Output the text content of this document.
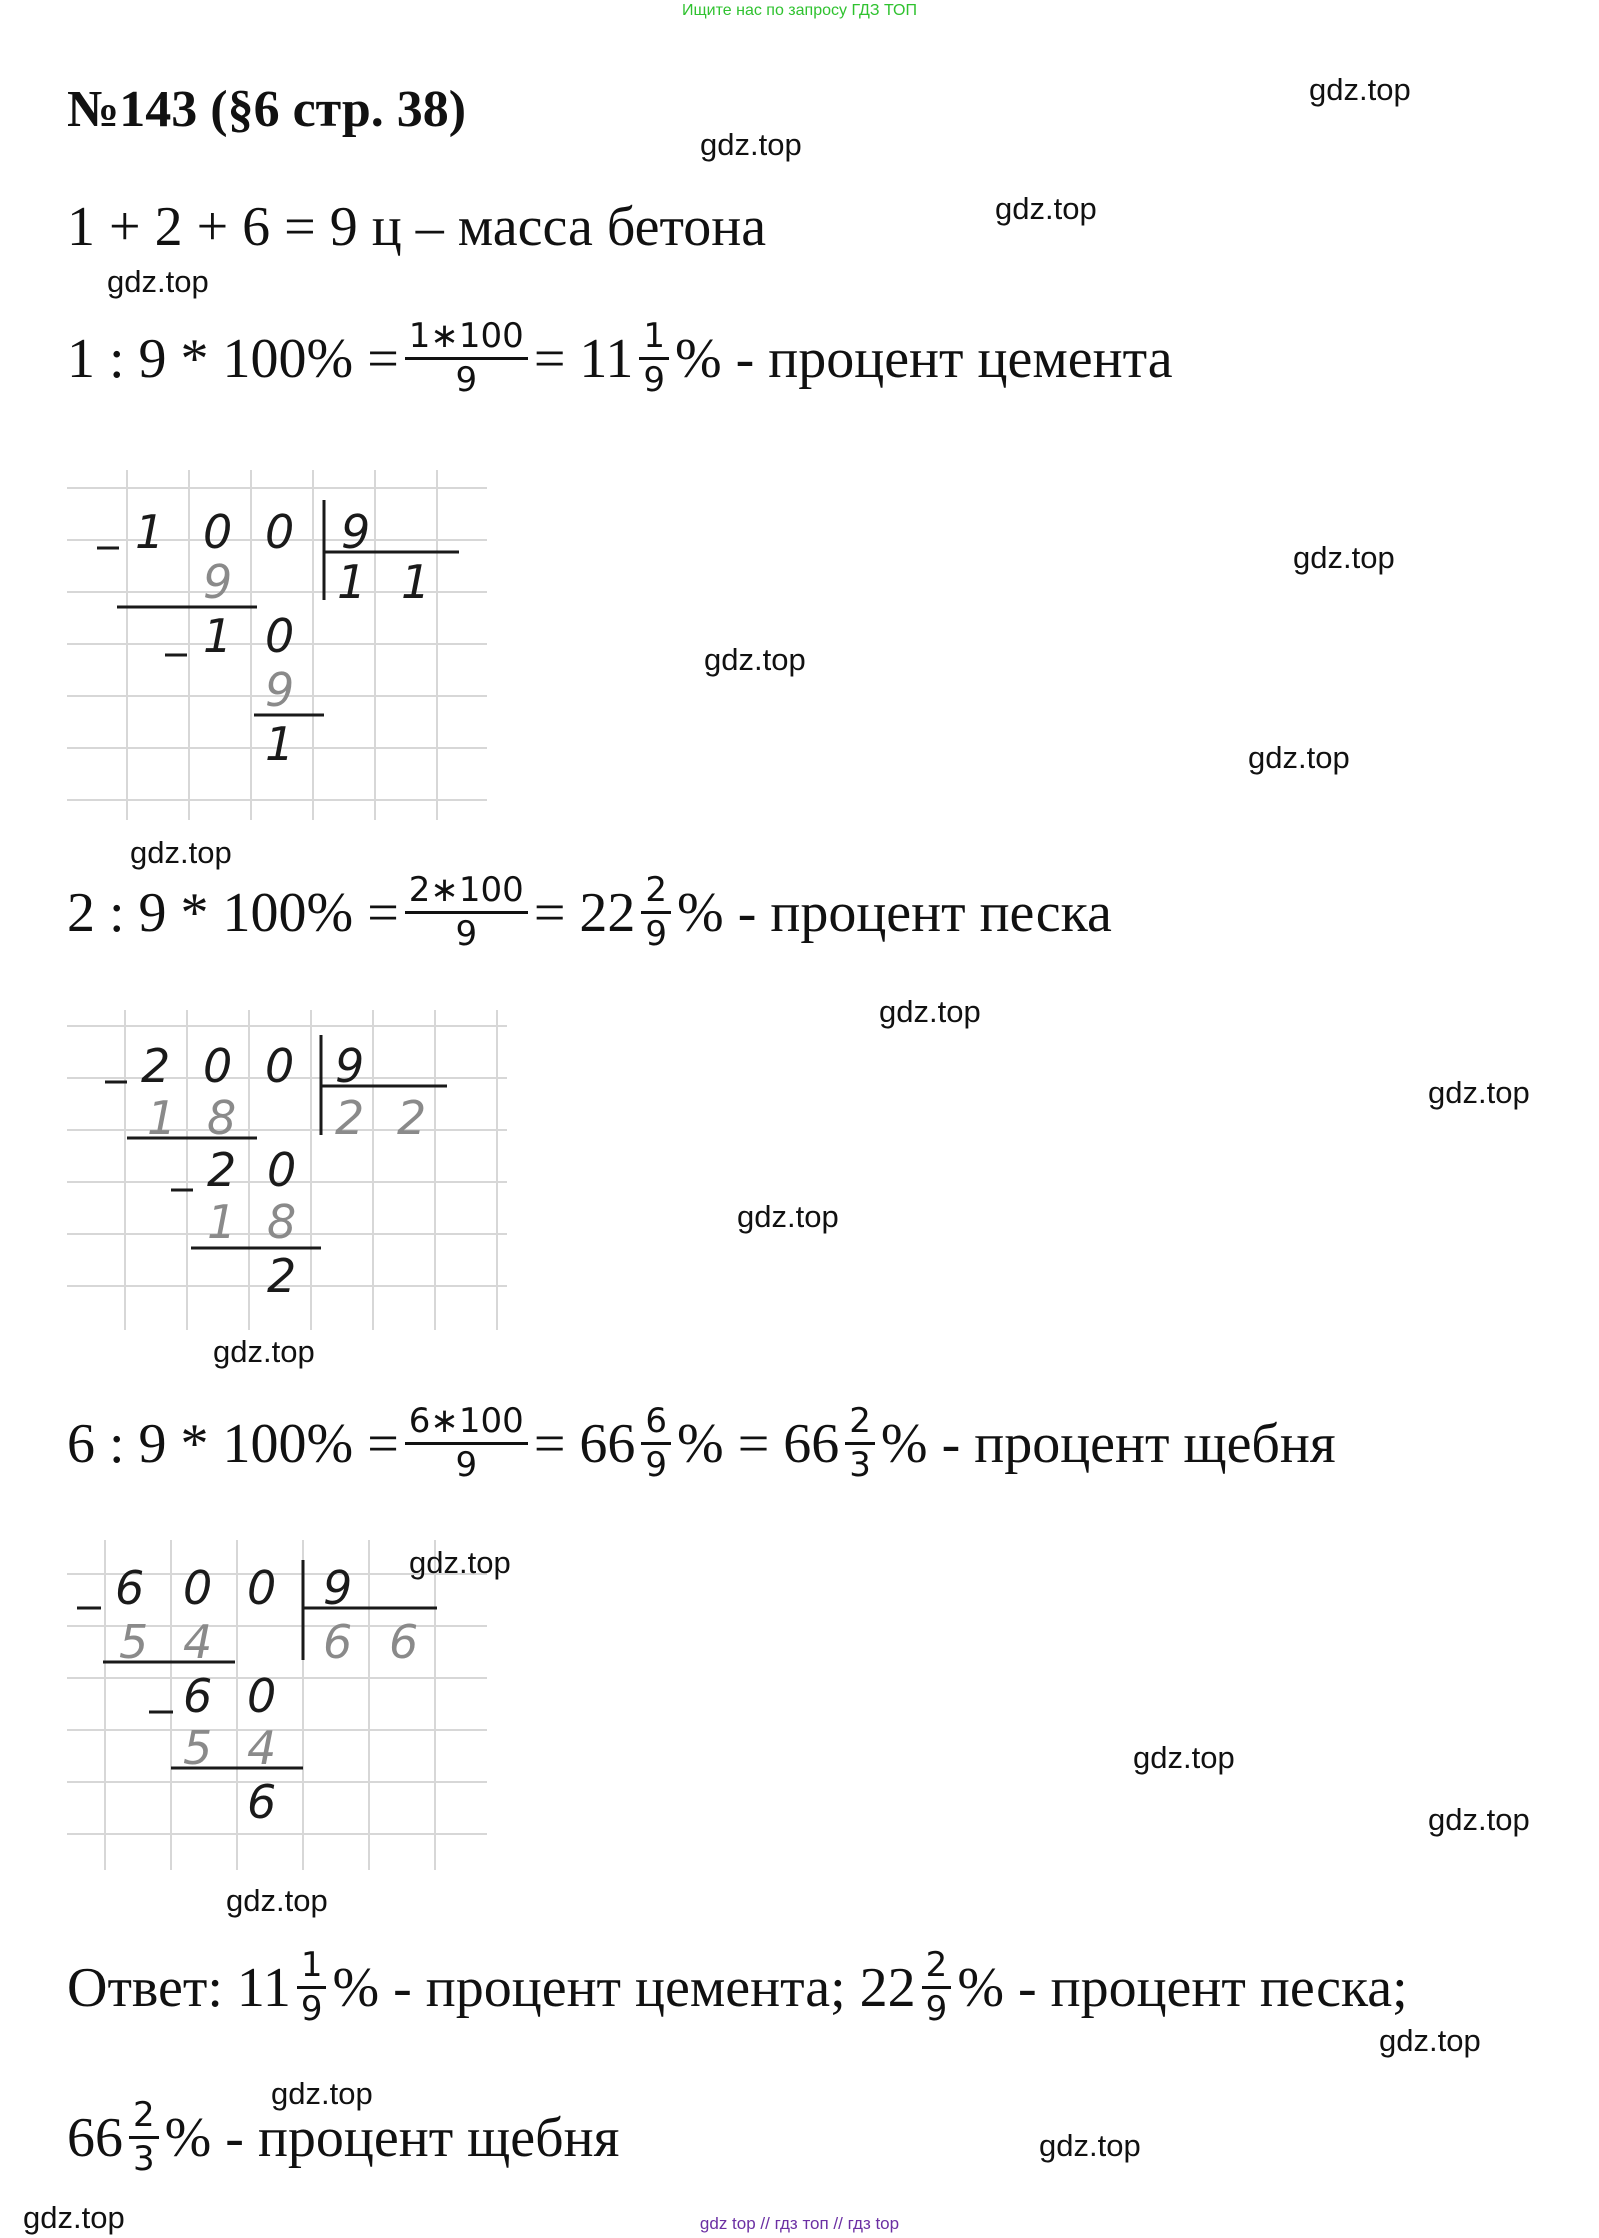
Ищите нас по запросу ГДЗ ТОП
№143 (§6 стр. 38)
1 + 2 + 6 = 9 ц – масса бетона
1 : $9 * 100\% = \frac{1∗100}{9} = 11 \frac{1}{9}$ % - процент цемента
1 0 0 9
1 1
9
1 0
9
1
2 : $9 * 100\% = \frac{2∗100}{9} = 22 \frac{2}{9}$ % - процент песка
2 0 0 9
2 2
1 8
2 0
1 8
2
6 : $9 * 100\% = \frac{6∗100}{9} = 66 \frac{6}{9}$ % = $66 \frac{2}{3}$ % - процент щебня
6 0 0 9
6 6
5 4
6 0
5 4
6
Ответ: $11 \frac{1}{9}$ % - процент цемента; $22 \frac{2}{9}$ % - процент песка;
$66 \frac{2}{3}$ % - процент щебня
gdz.top
gdz.top
gdz.top
gdz.top
gdz.top
gdz.top
gdz.top
gdz.top
gdz.top
gdz.top
gdz.top
gdz.top
gdz.top
gdz.top
gdz.top
gdz.top
gdz.top
gdz.top
gdz.top
gdz.top	gdz top // гдз топ // гдз top
